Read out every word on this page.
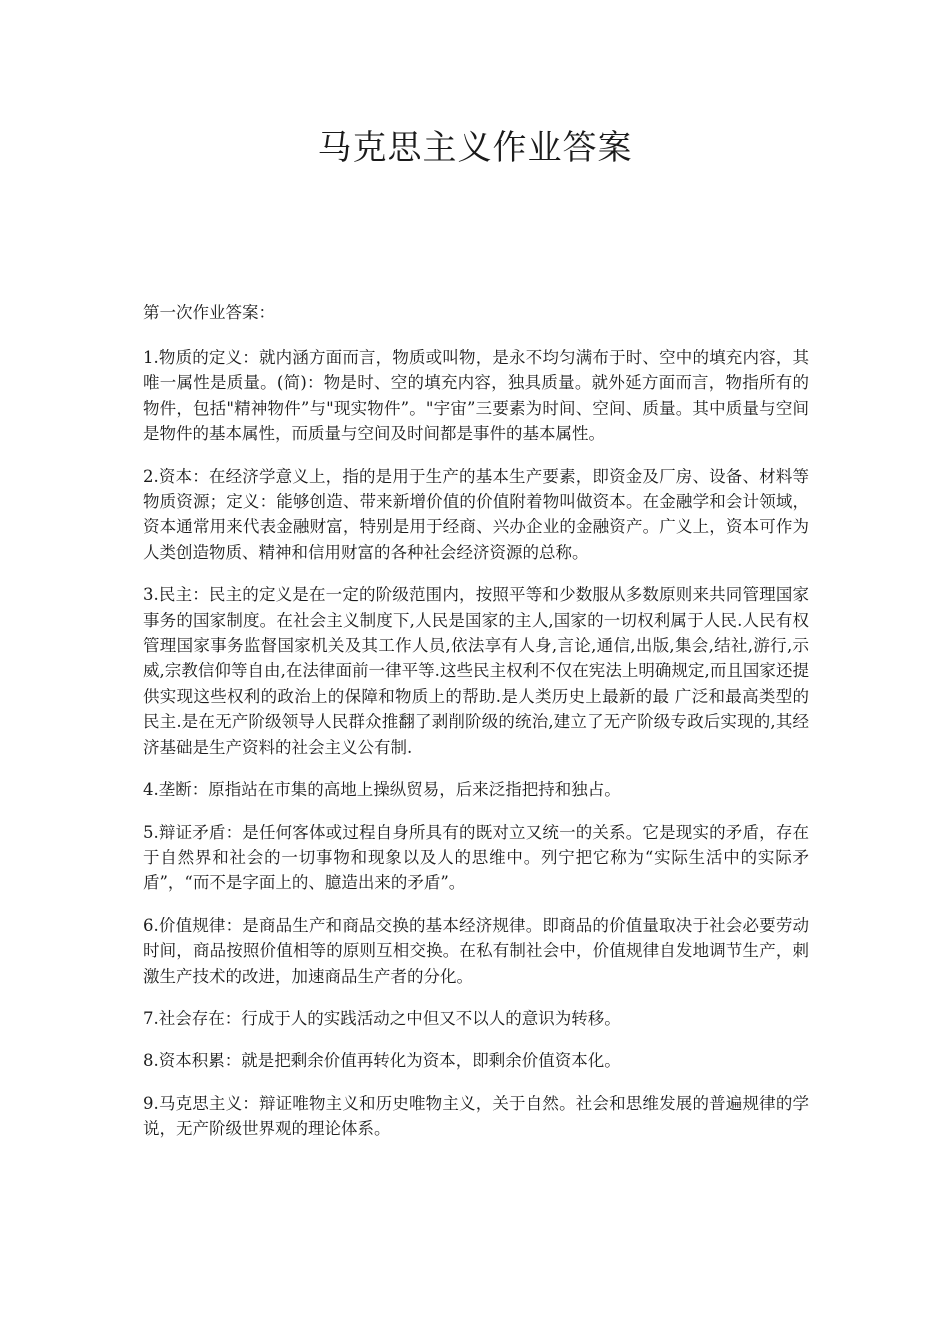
马克思主义作业答案

第一次作业答案：

1.物质的定义：就内涵方面而言，物质或叫物，是永不均匀满布于时、空中的填充内容，其唯一属性是质量。(简)：物是时、空的填充内容，独具质量。就外延方面而言，物指所有的物件，包括"精神物件”与"现实物件”。"宇宙”三要素为时间、空间、质量。其中质量与空间是物件的基本属性，而质量与空间及时间都是事件的基本属性。

2.资本：在经济学意义上，指的是用于生产的基本生产要素，即资金及厂房、设备、材料等物质资源；定义：能够创造、带来新增价值的价值附着物叫做资本。在金融学和会计领域，资本通常用来代表金融财富，特别是用于经商、兴办企业的金融资产。广义上，资本可作为人类创造物质、精神和信用财富的各种社会经济资源的总称。

3.民主：民主的定义是在一定的阶级范围内，按照平等和少数服从多数原则来共同管理国家事务的国家制度。在社会主义制度下,人民是国家的主人,国家的一切权利属于人民.人民有权管理国家事务监督国家机关及其工作人员,依法享有人身,言论,通信,出版,集会,结社,游行,示威,宗教信仰等自由,在法律面前一律平等.这些民主权利不仅在宪法上明确规定,而且国家还提供实现这些权利的政治上的保障和物质上的帮助.是人类历史上最新的最 广泛和最高类型的民主.是在无产阶级领导人民群众推翻了剥削阶级的统治,建立了无产阶级专政后实现的,其经济基础是生产资料的社会主义公有制.

4.垄断：原指站在市集的高地上操纵贸易，后来泛指把持和独占。

5.辩证矛盾：是任何客体或过程自身所具有的既对立又统一的关系。它是现实的矛盾，存在于自然界和社会的一切事物和现象以及人的思维中。列宁把它称为“实际生活中的实际矛盾”，“而不是字面上的、臆造出来的矛盾”。

6.价值规律：是商品生产和商品交换的基本经济规律。即商品的价值量取决于社会必要劳动时间，商品按照价值相等的原则互相交换。在私有制社会中，价值规律自发地调节生产，刺激生产技术的改进，加速商品生产者的分化。

7.社会存在：行成于人的实践活动之中但又不以人的意识为转移。

8.资本积累：就是把剩余价值再转化为资本，即剩余价值资本化。

9.马克思主义：辩证唯物主义和历史唯物主义，关于自然。社会和思维发展的普遍规律的学说，无产阶级世界观的理论体系。
